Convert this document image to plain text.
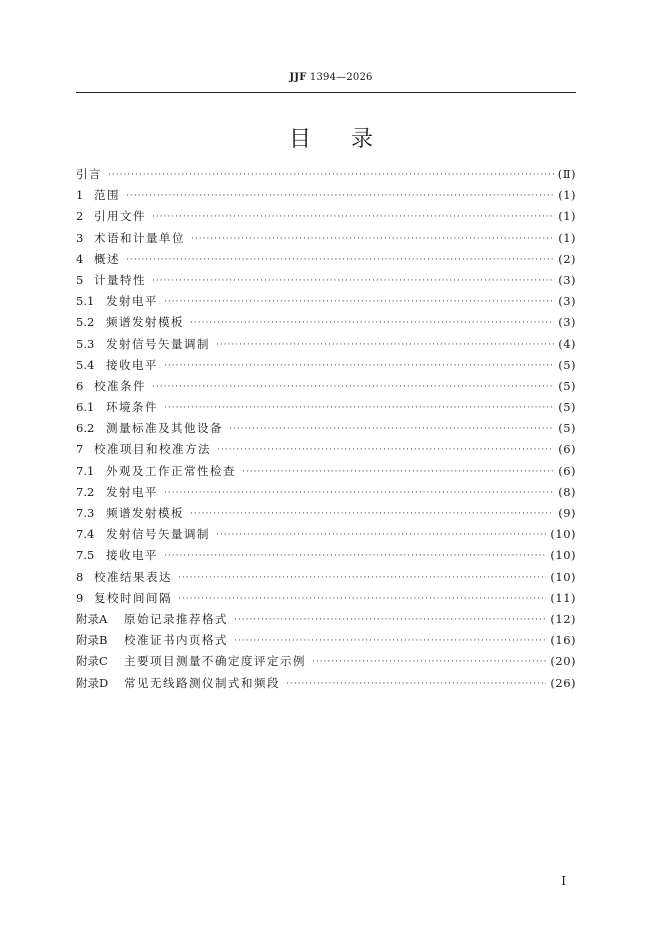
JJF 1394—2026
目录
引言 ·····	(Ⅱ)
1 范围 ·····	(1)
2 引用文件 ·····	(1)
3 术语和计量单位 ·····	(1)
4 概述 ·····	(2)
5 计量特性 ·····	(3)
5.1	发射电平 ·····	(3)
5.2	频谱发射模板 ·····	(3)
5.3	发射信号矢量调制 ·····	(4)
5.4	接收电平 ·····	(5)
6 校准条件 ·····	(5)
6.1	环境条件 ·····	(5)
6.2	测量标准及其他设备 ·····	(5)
7 校准项目和校准方法 ·····	(6)
7.1	外观及工作正常性检查 ·····	(6)
7.2	发射电平 ·····	(8)
7.3	频谱发射模板 ·····	(9)
7.4	发射信号矢量调制 ·····	(10)
7.5	接收电平 ·····	(10)
8 校准结果表达 ·····	(10)
9 复校时间间隔 ·····	(11)
附录A	原始记录推荐格式 ·····	(12)
附录B	校准证书内页格式 ·····	(16)
附录C	主要项目测量不确定度评定示例 ·····	(20)
附录D	常见无线路测仪制式和频段 ·····	(26)
I
